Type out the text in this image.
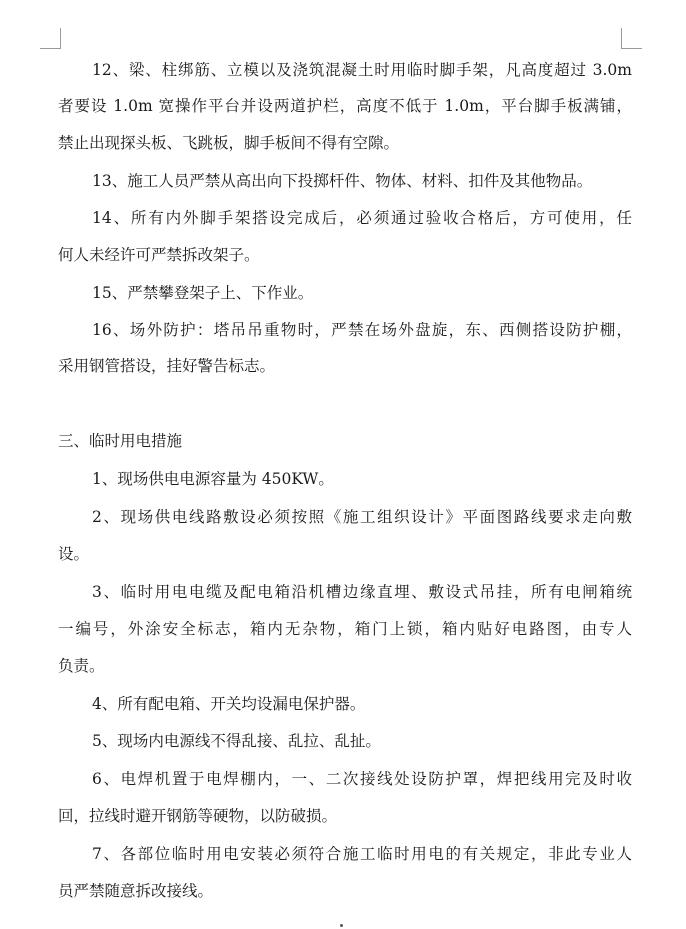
12、梁、柱绑筋、立模以及浇筑混凝土时用临时脚手架，凡高度超过 3.0m
者要设 1.0m 宽操作平台并设两道护栏，高度不低于 1.0m，平台脚手板满铺，
禁止出现探头板、飞跳板，脚手板间不得有空隙。
13、施工人员严禁从高出向下投掷杆件、物体、材料、扣件及其他物品。
14、所有内外脚手架搭设完成后，必须通过验收合格后，方可使用，任
何人未经许可严禁拆改架子。
15、严禁攀登架子上、下作业。
16、场外防护：塔吊吊重物时，严禁在场外盘旋，东、西侧搭设防护棚，
采用钢管搭设，挂好警告标志。
三、临时用电措施
1、现场供电电源容量为 450KW。
2、现场供电线路敷设必须按照《施工组织设计》平面图路线要求走向敷
设。
3、临时用电电缆及配电箱沿机槽边缘直埋、敷设式吊挂，所有电闸箱统
一编号，外涂安全标志，箱内无杂物，箱门上锁，箱内贴好电路图，由专人
负责。
4、所有配电箱、开关均设漏电保护器。
5、现场内电源线不得乱接、乱拉、乱扯。
6、电焊机置于电焊棚内，一、二次接线处设防护罩，焊把线用完及时收
回，拉线时避开钢筋等硬物，以防破损。
7、各部位临时用电安装必须符合施工临时用电的有关规定，非此专业人
员严禁随意拆改接线。
